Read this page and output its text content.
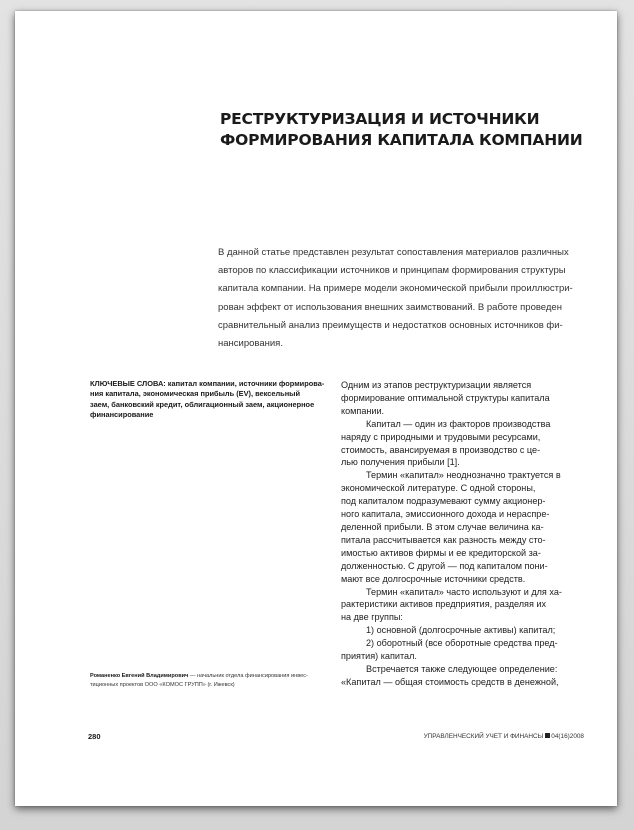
РЕСТРУКТУРИЗАЦИЯ И ИСТОЧНИКИ
ФОРМИРОВАНИЯ КАПИТАЛА КОМПАНИИ
В данной статье представлен результат сопоставления материалов различных
авторов по классификации источников и принципам формирования структуры
капитала компании. На примере модели экономической прибыли проиллюстри-
рован эффект от использования внешних заимствований. В работе проведен
сравнительный анализ преимуществ и недостатков основных источников фи-
нансирования.
КЛЮЧЕВЫЕ СЛОВА: капитал компании, источники формирова-
ния капитала, экономическая прибыль (EV), вексельный
заем, банковский кредит, облигационный заем, акционерное
финансирование
Одним из этапов реструктуризации является
формирование оптимальной структуры капитала
компании.
Капитал — один из факторов производства
наряду с природными и трудовыми ресурсами,
стоимость, авансируемая в производство с це-
лью получения прибыли [1].
Термин «капитал» неоднозначно трактуется в
экономической литературе. С одной стороны,
под капиталом подразумевают сумму акционер-
ного капитала, эмиссионного дохода и нераспре-
деленной прибыли. В этом случае величина ка-
питала рассчитывается как разность между сто-
имостью активов фирмы и ее кредиторской за-
долженностью. С другой — под капиталом пони-
мают все долгосрочные источники средств.
Термин «капитал» часто используют и для ха-
рактеристики активов предприятия, разделяя их
на две группы:
1) основной (долгосрочные активы) капитал;
2) оборотный (все оборотные средства пред-
приятия) капитал.
Встречается также следующее определение:
«Капитал — общая стоимость средств в денежной,
Романенко Евгений Владимирович — начальник отдела финансирования инвес-
тиционных проектов ООО «КОМОС ГРУПП» (г. Ижевск)
280	УПРАВЛЕНЧЕСКИЙ УЧЕТ И ФИНАНСЫ 04(16)2008
